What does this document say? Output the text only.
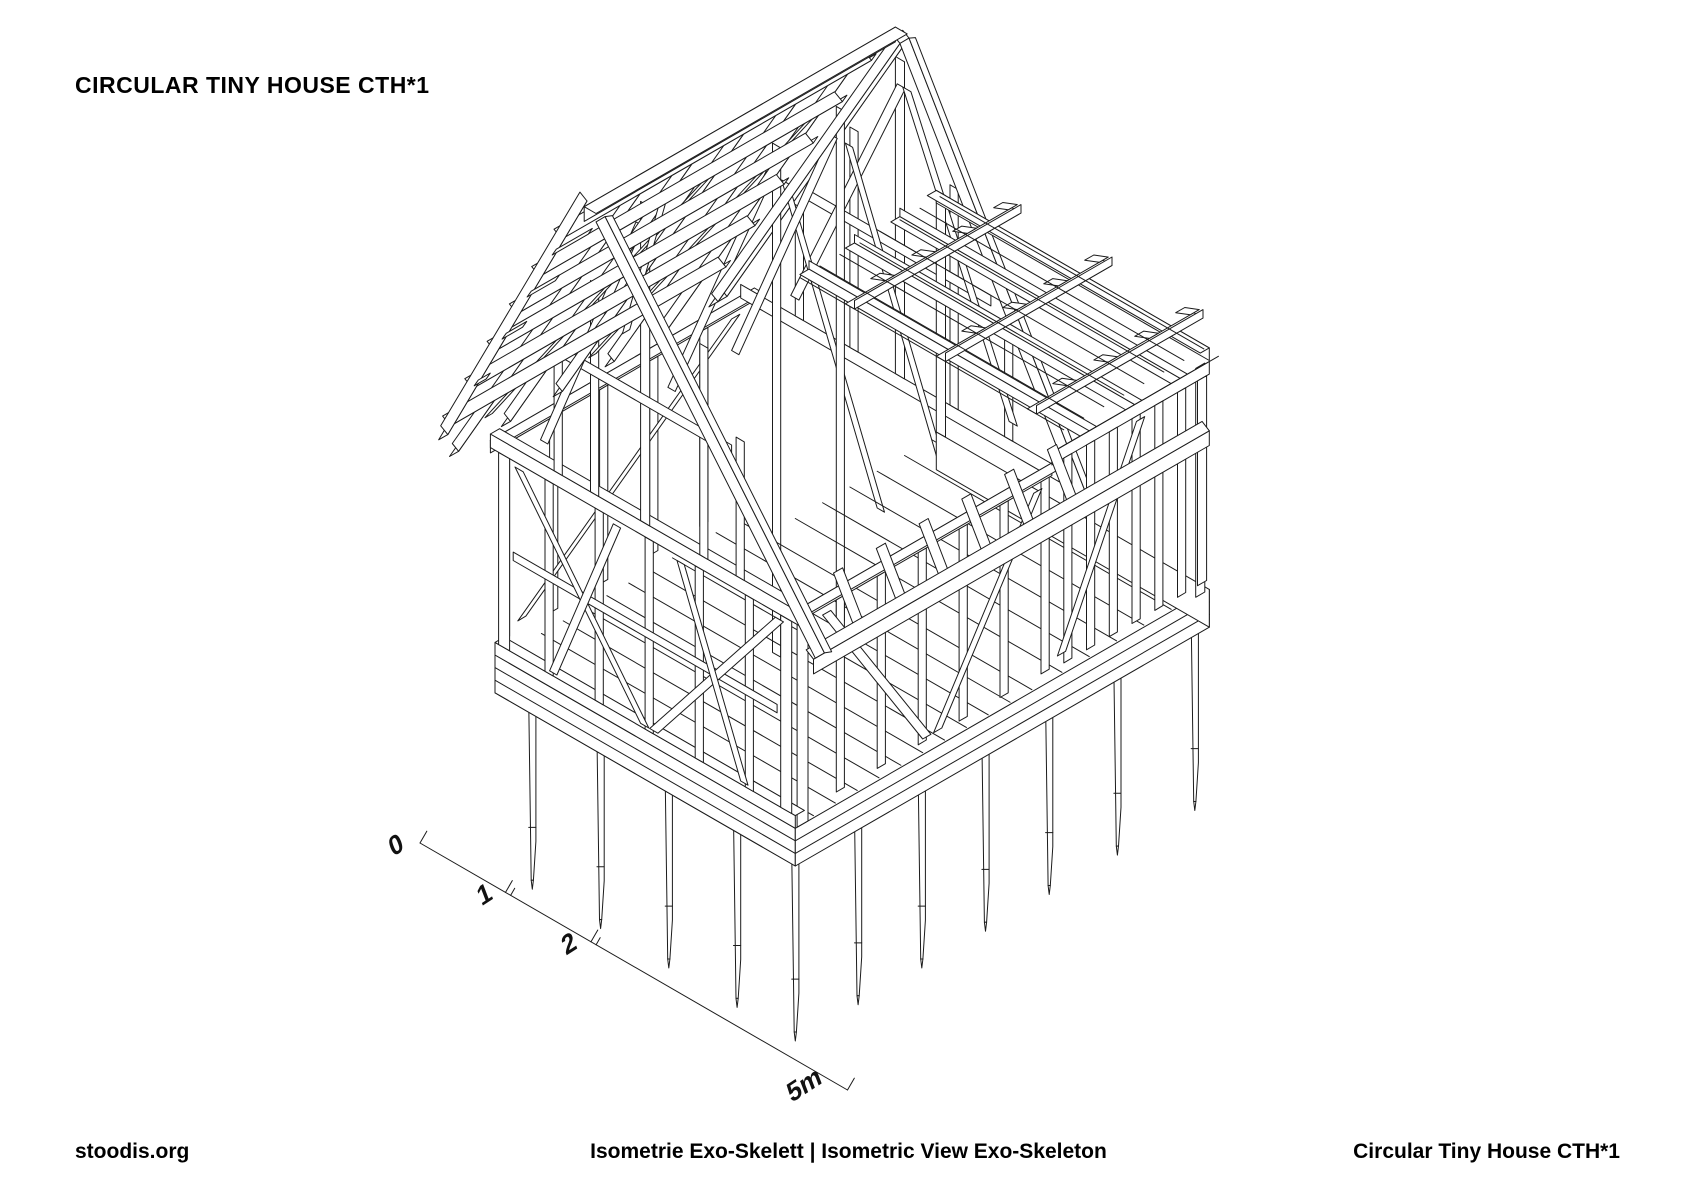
CIRCULAR TINY HOUSE CTH*1
0
1
2
5m
stoodis.org	Isometrie Exo-Skelett | Isometric View Exo-Skeleton	Circular Tiny House CTH*1
